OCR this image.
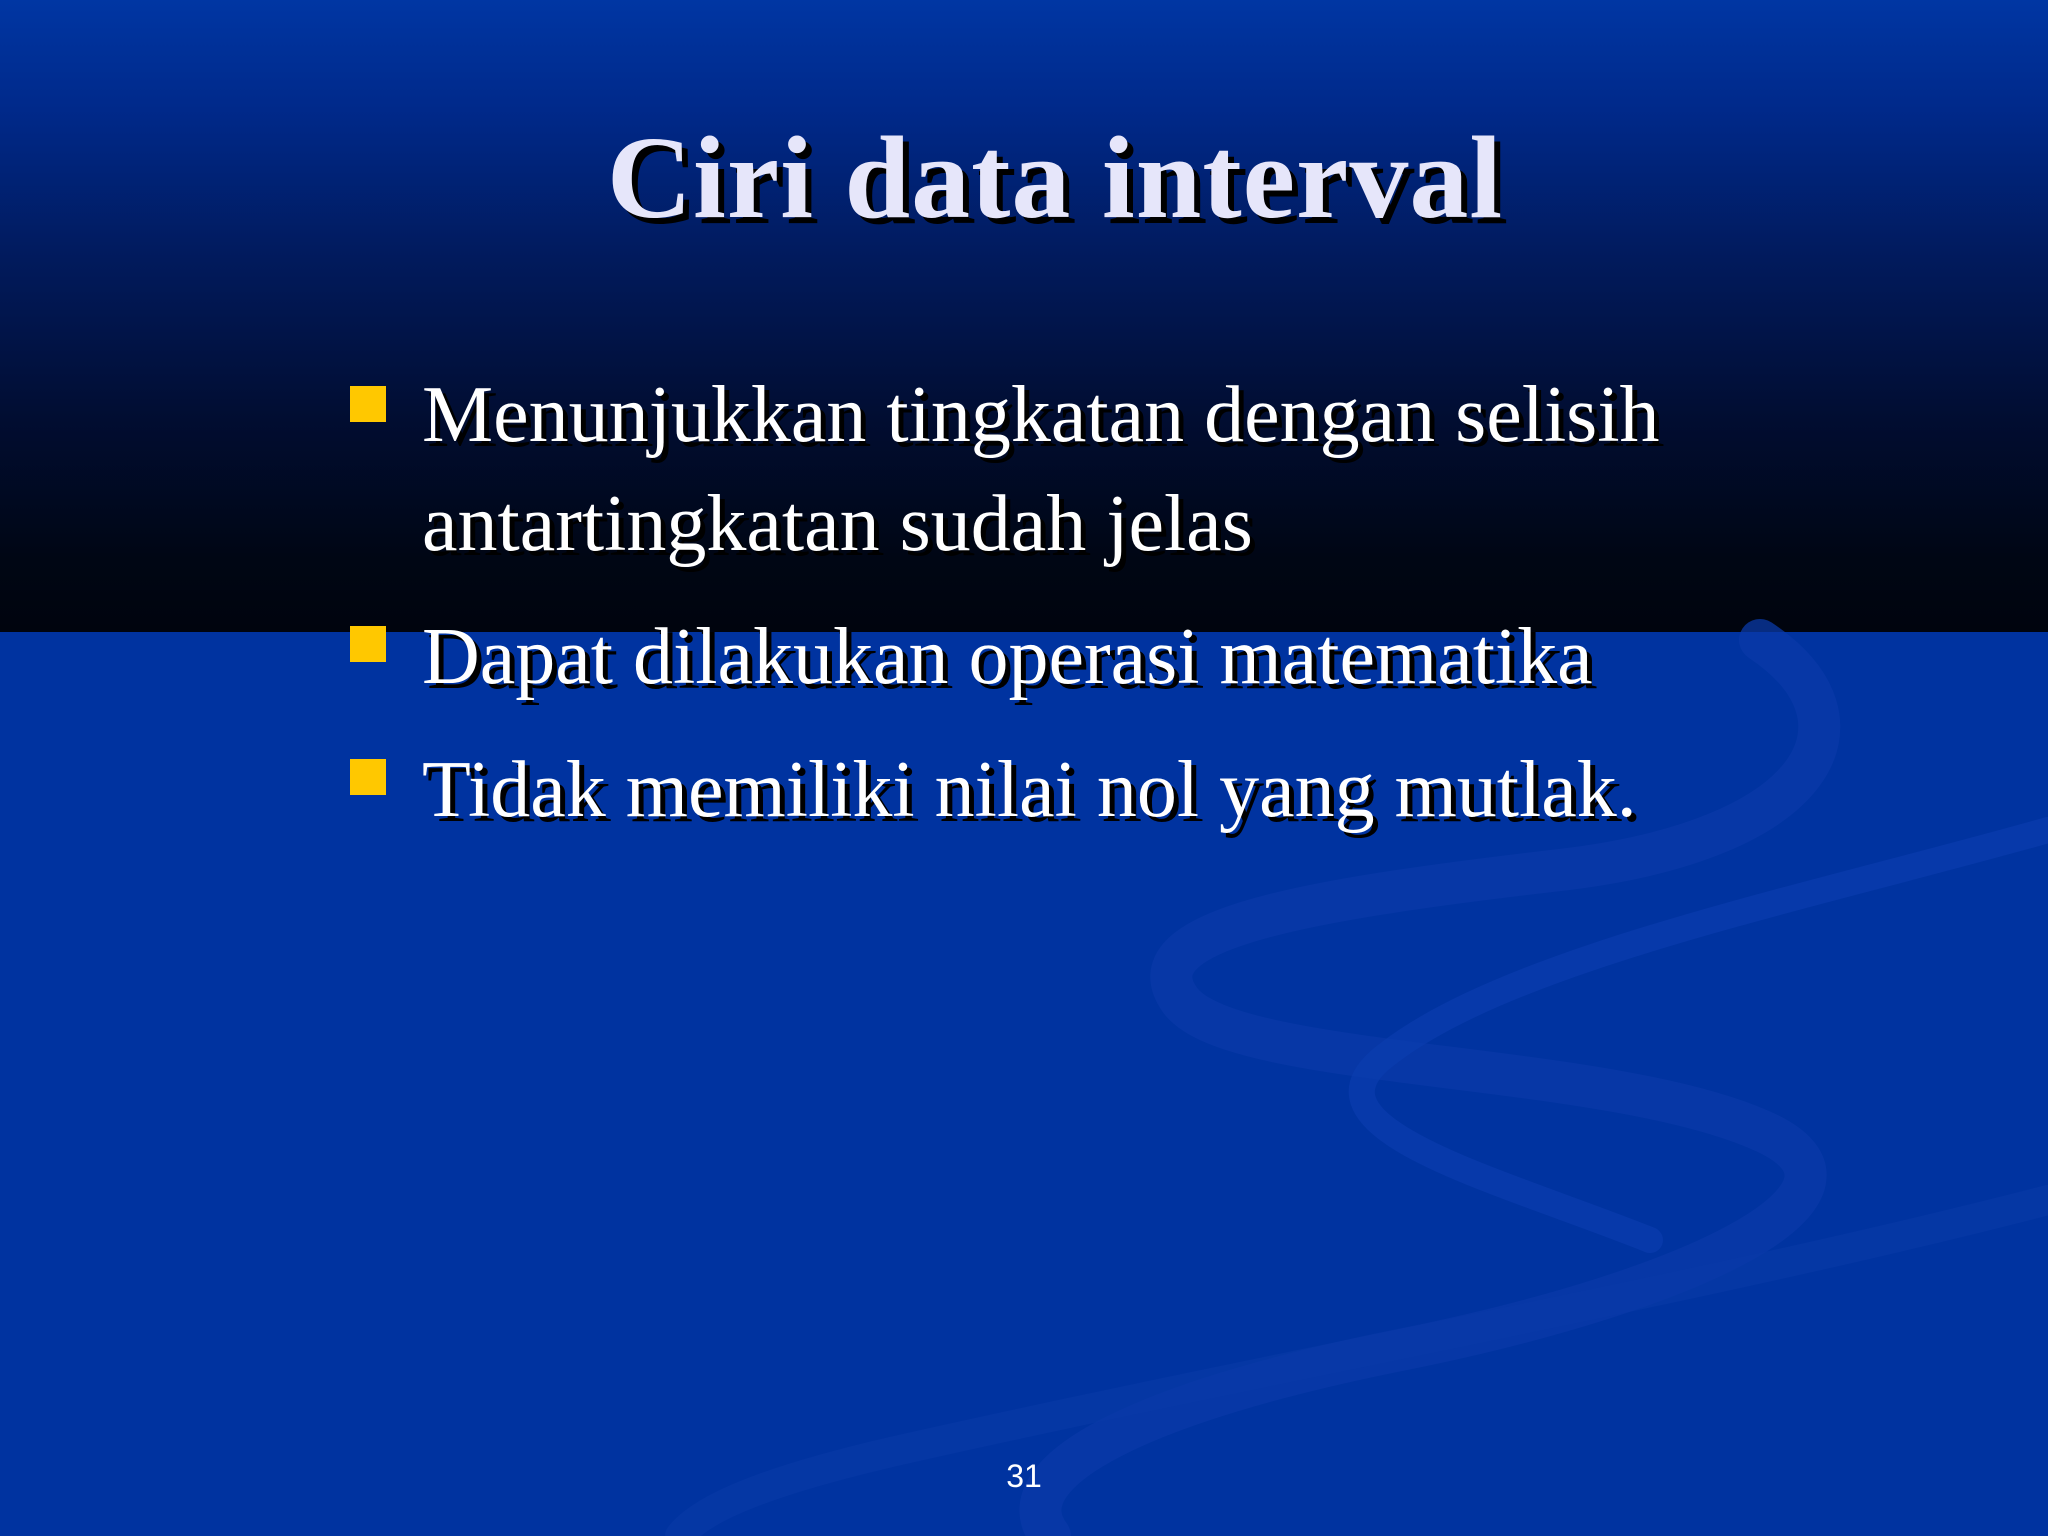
Ciri data interval
Menunjukkan tingkatan dengan selisih
antartingkatan sudah jelas
Dapat dilakukan operasi matematika
Tidak memiliki nilai nol yang mutlak.
31
